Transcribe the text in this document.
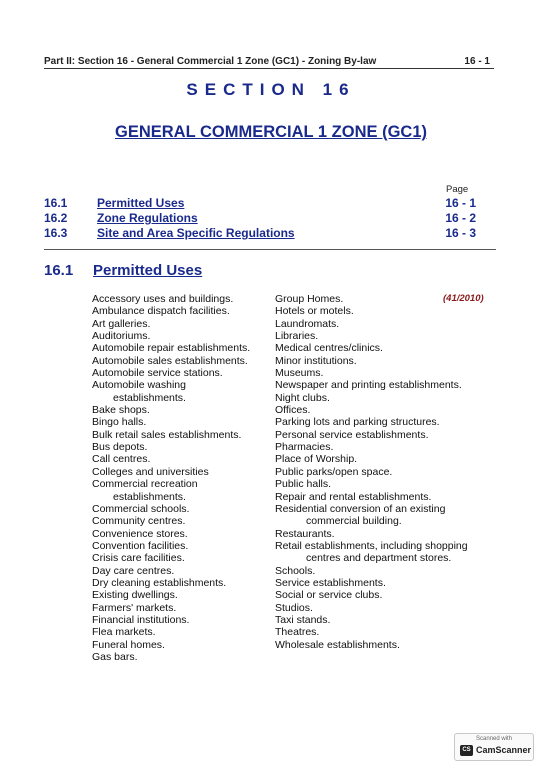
Part II: Section 16 - General Commercial 1 Zone (GC1) - Zoning By-law	16 - 1
SECTION 16
GENERAL COMMERCIAL 1 ZONE (GC1)
Page
16.1 Permitted Uses	16 - 1
16.2 Zone Regulations	16 - 2
16.3 Site and Area Specific Regulations	16 - 3
16.1 Permitted Uses
(41/2010)
Accessory uses and buildings.
Ambulance dispatch facilities.
Art galleries.
Auditoriums.
Automobile repair establishments.
Automobile sales establishments.
Automobile service stations.
Automobile washing
establishments.
Bake shops.
Bingo halls.
Bulk retail sales establishments.
Bus depots.
Call centres.
Colleges and universities
Commercial recreation
establishments.
Commercial schools.
Community centres.
Convenience stores.
Convention facilities.
Crisis care facilities.
Day care centres.
Dry cleaning establishments.
Existing dwellings.
Farmers' markets.
Financial institutions.
Flea markets.
Funeral homes.
Gas bars.
Group Homes.
Hotels or motels.
Laundromats.
Libraries.
Medical centres/clinics.
Minor institutions.
Museums.
Newspaper and printing establishments.
Night clubs.
Offices.
Parking lots and parking structures.
Personal service establishments.
Pharmacies.
Place of Worship.
Public parks/open space.
Public halls.
Repair and rental establishments.
Residential conversion of an existing
commercial building.
Restaurants.
Retail establishments, including shopping
centres and department stores.
Schools.
Service establishments.
Social or service clubs.
Studios.
Taxi stands.
Theatres.
Wholesale establishments.
Scanned with
CS CamScanner
